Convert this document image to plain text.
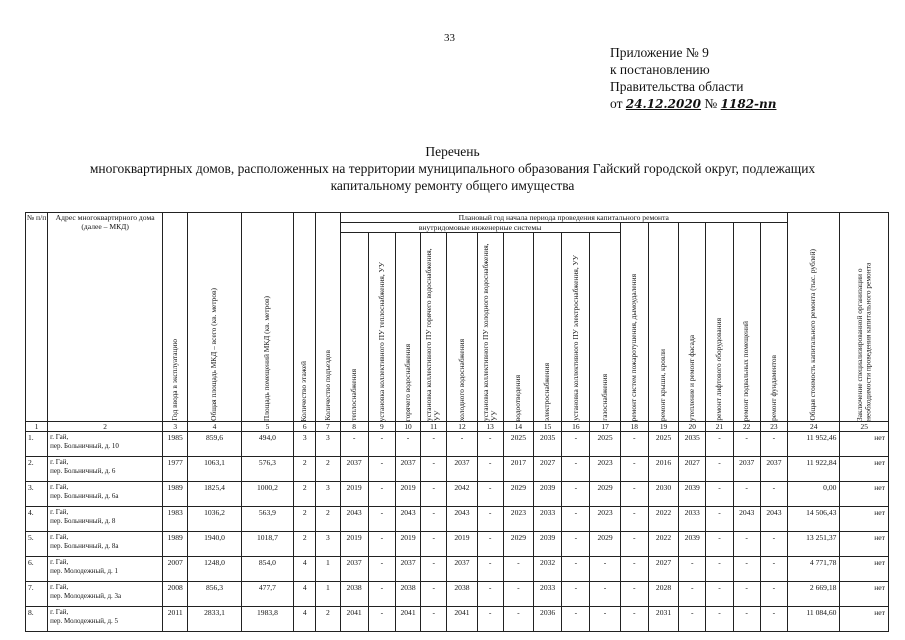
33
Приложение № 9
к постановлению
Правительства области
от 24.12.2020 № 1182-пп
Перечень
многоквартирных домов, расположенных на территории муниципального образования Гайский городской округ, подлежащих
капитальному ремонту общего имущества
№ п/п	Адрес многоквартирного дома (далее – МКД)	Год ввода в эксплуатацию	Общая площадь МКД – всего (кв. метров)	Площадь помещений МКД (кв. метров)	Количество этажей	Количество подъездов	Плановый год начала периода проведения капитального ремонта																Общая стоимость капитального ремонта (тыс. рублей)	Заключение специализированной организации о необходимости проведения капитального ремонта

							внутридомовые инженерные системы										ремонт систем пожаротушения, дымоудаления	ремонт крыши, кровли	утепление и ремонт фасада	ремонт лифтового оборудования	ремонт подвальных помещений	ремонт фундаментов		

							теплоснабжения	установка коллективного ПУ теплоснабжения, УУ	горячего водоснабжения	установка коллективного ПУ горячего водоснабжения, УУ	холодного водоснабжения	установка коллективного ПУ холодного водоснабжения, УУ	водоотведения	электроснабжения	установка коллективного ПУ электроснабжения, УУ	газоснабжения								

1	2	3	4	5	6	7	8	9	10	11	12	13	14	15	16	17	18	19	20	21	22	23	24	25
1.	г. Гай,
пер. Больничный, д. 10	1985	859,6	494,0	3	3	-	-	-	-	-	-	2025	2035	-	2025	-	2025	2035	-	-	-	11 952,46	нет
2.	г. Гай,
пер. Больничный, д. 6	1977	1063,1	576,3	2	2	2037	-	2037	-	2037	-	2017	2027	-	2023	-	2016	2027	-	2037	2037	11 922,84	нет
3.	г. Гай,
пер. Больничный, д. 6а	1989	1825,4	1000,2	2	3	2019	-	2019	-	2042	-	2029	2039	-	2029	-	2030	2039	-	-	-	0,00	нет
4.	г. Гай,
пер. Больничный, д. 8	1983	1036,2	563,9	2	2	2043	-	2043	-	2043	-	2023	2033	-	2023	-	2022	2033	-	2043	2043	14 506,43	нет
5.	г. Гай,
пер. Больничный, д. 8а	1989	1940,0	1018,7	2	3	2019	-	2019	-	2019	-	2029	2039	-	2029	-	2022	2039	-	-	-	13 251,37	нет
6.	г. Гай,
пер. Молодежный, д. 1	2007	1248,0	854,0	4	1	2037	-	2037	-	2037	-	-	2032	-	-	-	2027	-	-	-	-	4 771,78	нет
7.	г. Гай,
пер. Молодежный, д. 3а	2008	856,3	477,7	4	1	2038	-	2038	-	2038	-	-	2033	-	-	-	2028	-	-	-	-	2 669,18	нет
8.	г. Гай,
пер. Молодежный, д. 5	2011	2833,1	1983,8	4	2	2041	-	2041	-	2041	-	-	2036	-	-	-	2031	-	-	-	-	11 084,60	нет
